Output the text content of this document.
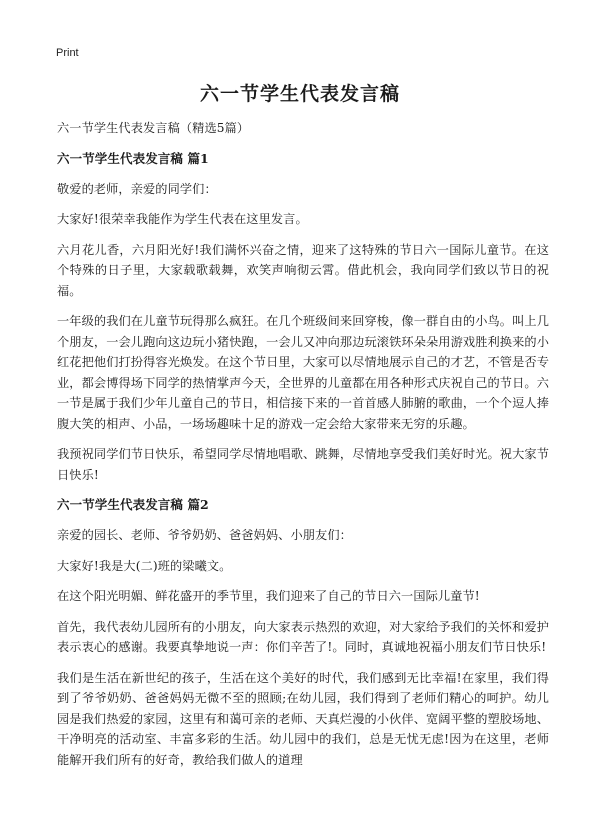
Print
六一节学生代表发言稿

六一节学生代表发言稿（精选5篇）

六一节学生代表发言稿 篇1

敬爱的老师，亲爱的同学们：

大家好!很荣幸我能作为学生代表在这里发言。

六月花儿香，六月阳光好!我们满怀兴奋之情，迎来了这特殊的节日六一国际儿童节。在这个特殊的日子里，大家载歌载舞，欢笑声响彻云霄。借此机会，我向同学们致以节日的祝福。

一年级的我们在儿童节玩得那么疯狂。在几个班级间来回穿梭，像一群自由的小鸟。叫上几个朋友，一会儿跑向这边玩小猪快跑，一会儿又冲向那边玩滚铁环朵朵用游戏胜利换来的小红花把他们打扮得容光焕发。在这个节日里，大家可以尽情地展示自己的才艺，不管是否专业，都会博得场下同学的热情掌声今天，全世界的儿童都在用各种形式庆祝自己的节日。六一节是属于我们少年儿童自己的节日，相信接下来的一首首感人肺腑的歌曲，一个个逗人捧腹大笑的相声、小品，一场场趣味十足的游戏一定会给大家带来无穷的乐趣。

我预祝同学们节日快乐，希望同学尽情地唱歌、跳舞，尽情地享受我们美好时光。祝大家节日快乐!

六一节学生代表发言稿 篇2

亲爱的园长、老师、爷爷奶奶、爸爸妈妈、小朋友们：

大家好!我是大(二)班的梁曦文。

在这个阳光明媚、鲜花盛开的季节里，我们迎来了自己的节日六一国际儿童节!

首先，我代表幼儿园所有的小朋友，向大家表示热烈的欢迎，对大家给予我们的关怀和爱护表示衷心的感谢。我要真挚地说一声：你们辛苦了!。同时，真诚地祝福小朋友们节日快乐!

我们是生活在新世纪的孩子，生活在这个美好的时代，我们感到无比幸福!在家里，我们得到了爷爷奶奶、爸爸妈妈无微不至的照顾;在幼儿园，我们得到了老师们精心的呵护。幼儿园是我们热爱的家园，这里有和蔼可亲的老师、天真烂漫的小伙伴、宽阔平整的塑胶场地、干净明亮的活动室、丰富多彩的生活。幼儿园中的我们，总是无忧无虑!因为在这里，老师能解开我们所有的好奇，教给我们做人的道理
